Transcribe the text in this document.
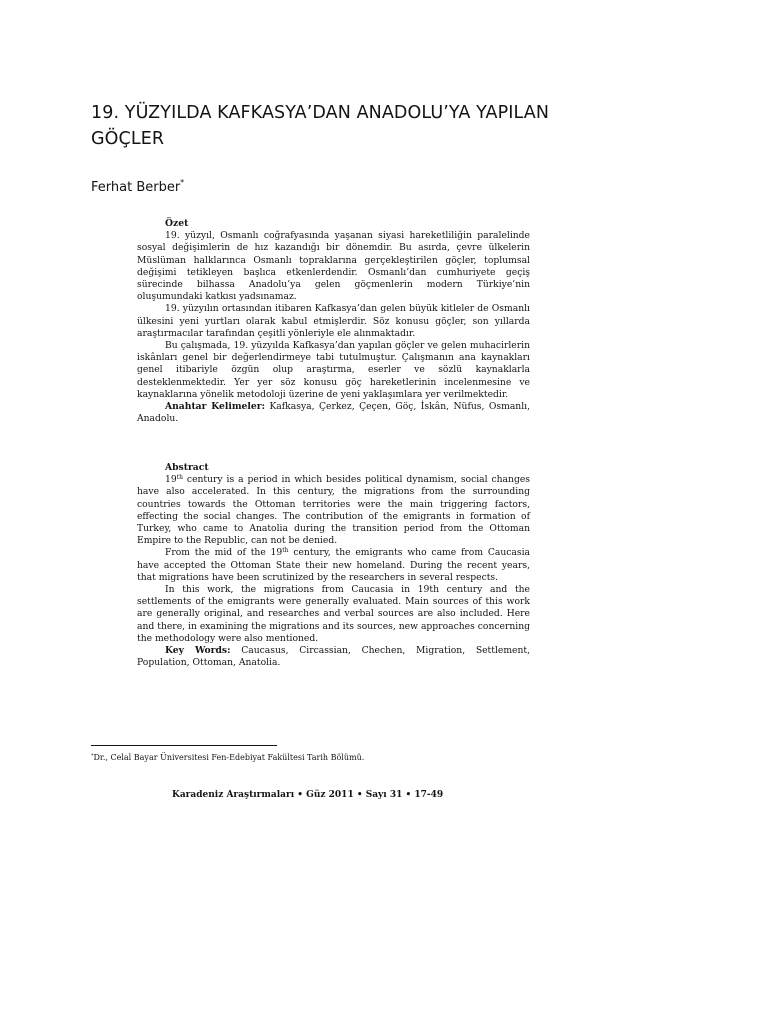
19. YÜZYILDA KAFKASYA’DAN ANADOLU’YA YAPILAN GÖÇLER

Ferhat Berber*

Özet

19. yüzyıl, Osmanlı coğrafyasında yaşanan siyasi hareketliliğin paralelinde sosyal değişimlerin de hız kazandığı bir dönemdir. Bu asırda, çevre ülkelerin Müslüman halklarınca Osmanlı topraklarına gerçekleştirilen göçler, toplumsal değişimi tetikleyen başlıca etkenlerdendir. Osmanlı’dan cumhuriyete geçiş sürecinde bilhassa Anadolu’ya gelen göçmenlerin modern Türkiye’nin oluşumundaki katkısı yadsınamaz.

19. yüzyılın ortasından itibaren Kafkasya’dan gelen büyük kitleler de Osmanlı ülkesini yeni yurtları olarak kabul etmişlerdir. Söz konusu göçler, son yıllarda araştırmacılar tarafından çeşitli yönleriyle ele alınmaktadır.

Bu çalışmada, 19. yüzyılda Kafkasya’dan yapılan göçler ve gelen muhacirlerin iskânları genel bir değerlendirmeye tabi tutulmuştur. Çalışmanın ana kaynakları genel itibariyle özgün olup araştırma, eserler ve sözlü kaynaklarla desteklenmektedir. Yer yer söz konusu göç hareketlerinin incelenmesine ve kaynaklarına yönelik metodoloji üzerine de yeni yaklaşımlara yer verilmektedir.

Anahtar Kelimeler: Kafkasya, Çerkez, Çeçen, Göç, İskân, Nüfus, Osmanlı, Anadolu.

Abstract

19th century is a period in which besides political dynamism, social changes have also accelerated. In this century, the migrations from the surrounding countries towards the Ottoman territories were the main triggering factors, effecting the social changes. The contribution of the emigrants in formation of Turkey, who came to Anatolia during the transition period from the Ottoman Empire to the Republic, can not be denied.

From the mid of the 19th century, the emigrants who came from Caucasia have accepted the Ottoman State their new homeland. During the recent years, that migrations have been scrutinized by the researchers in several respects.

In this work, the migrations from Caucasia in 19th century and the settlements of the emigrants were generally evaluated. Main sources of this work are generally original, and researches and verbal sources are also included. Here and there, in examining the migrations and its sources, new approaches concerning the methodology were also mentioned.

Key Words: Caucasus, Circassian, Chechen, Migration, Settlement, Population, Ottoman, Anatolia.

*Dr., Celal Bayar Üniversitesi Fen-Edebiyat Fakültesi Tarih Bölümü.

Karadeniz Araştırmaları • Güz 2011 • Sayı 31 • 17-49
